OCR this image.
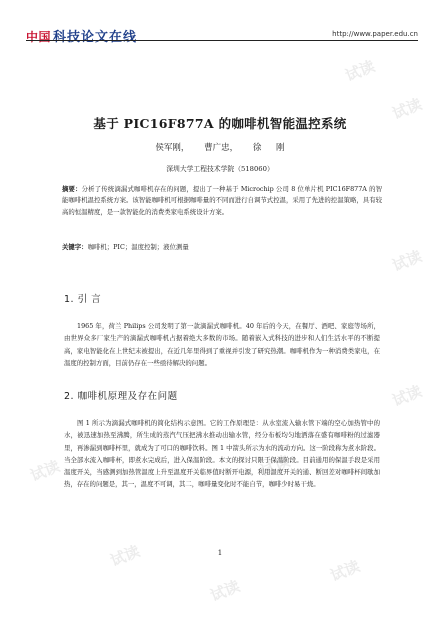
试读
试读
试读
试读
试读
试读
试读
试读
试读
中国 科技论文在线	http://www.paper.edu.cn
基于 PIC16F877A 的咖啡机智能温控系统
侯军刚， 曹广忠， 徐 刚
深圳大学工程技术学院（518060）
摘要：分析了传统滴漏式咖啡机存在的问题，提出了一种基于 Microchip 公司 8 位单片机 PIC16F877A 的智能咖啡机温控系统方案。该智能咖啡机可根据咖啡量的不同而进行自调节式控温，采用了先进的控温策略，具有较高的恒温精度，是一款智能化的消费类家电系统设计方案。
关键字：咖啡机；PIC；温度控制；液位测量
1. 引 言
1965 年，荷兰 Philips 公司发明了第一款滴漏式咖啡机。40 年后的今天，在餐厅、酒吧、家庭等场所，由世界众多厂家生产的滴漏式咖啡机占据着绝大多数的市场。随着嵌入式科技的进步和人们生活水平的不断提高，家电智能化在上世纪末被提出，在近几年里得到了重视并引发了研究热潮。咖啡机作为一种消费类家电，在温度的控制方面，目前仍存在一些亟待解决的问题。
2. 咖啡机原理及存在问题
图 1 所示为滴漏式咖啡机的简化结构示意图。它的工作原理是：从水室流入输水管下端的空心加热管中的水，被迅速加热至沸腾，所生成的蒸汽气压把沸水推动出输水管，经分布板均匀地洒落在盛有咖啡粉的过滤器里，再渗漏到咖啡杯里，就成为了可口的咖啡饮料。图 1 中箭头所示为水的流动方向。这一阶段称为煮水阶段。当全部水流入咖啡杯，即煮水完成后，进入保温阶段。本文的探讨只限于保温阶段。目前通用的保温手段是采用温度开关，当感测到加热管温度上升至温度开关临界值时断开电源，利用温度开关的通、断回差对咖啡杯间歇加热，存在的问题是，其一，温度不可调，其二，咖啡量变化时不能自节，咖啡少时易干烧。
1
